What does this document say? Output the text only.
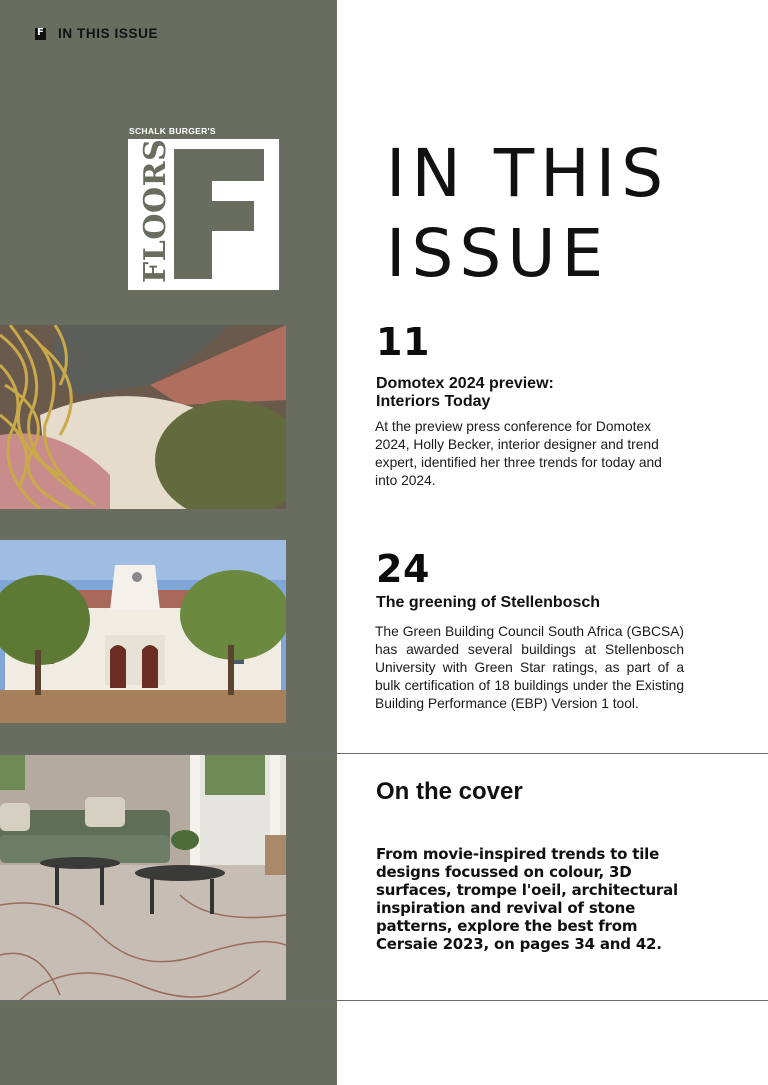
F
IN THIS ISSUE
SCHALK BURGER'S
FLOORS	IN THIS
ISSUE
11
Domotex 2024 preview:
Interiors Today
At the preview press conference for Domotex 2024, Holly Becker, interior designer and trend expert, identified her three trends for today and into 2024.
24
The greening of Stellenbosch
The Green Building Council South Africa (GBCSA) has awarded several buildings at Stellenbosch University with Green Star ratings, as part of a bulk certification of 18 buildings under the Existing Building Performance (EBP) Version 1 tool.
On the cover
From movie-inspired trends to tile designs focussed on colour, 3D surfaces, trompe l'oeil, architectural inspiration and revival of stone patterns, explore the best from Cersaie 2023, on pages 34 and 42.
